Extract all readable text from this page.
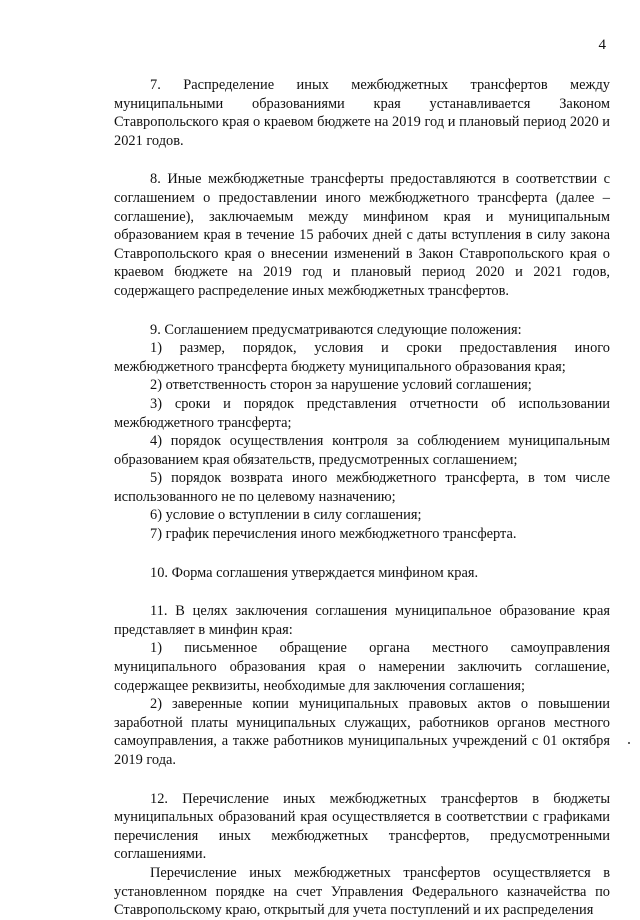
4

7. Распределение иных межбюджетных трансфертов между муниципальными образованиями края устанавливается Законом Ставропольского края о краевом бюджете на 2019 год и плановый период 2020 и 2021 годов.

8. Иные межбюджетные трансферты предоставляются в соответствии с соглашением о предоставлении иного межбюджетного трансферта (далее – соглашение), заключаемым между минфином края и муниципальным образованием края в течение 15 рабочих дней с даты вступления в силу закона Ставропольского края о внесении изменений в Закон Ставропольского края о краевом бюджете на 2019 год и плановый период 2020 и 2021 годов, содержащего распределение иных межбюджетных трансфертов.

9. Соглашением предусматриваются следующие положения:

1) размер, порядок, условия и сроки предоставления иного межбюджетного трансферта бюджету муниципального образования края;

2) ответственность сторон за нарушение условий соглашения;

3) сроки и порядок представления отчетности об использовании межбюджетного трансферта;

4) порядок осуществления контроля за соблюдением муниципальным образованием края обязательств, предусмотренных соглашением;

5) порядок возврата иного межбюджетного трансферта, в том числе использованного не по целевому назначению;

6) условие о вступлении в силу соглашения;

7) график перечисления иного межбюджетного трансферта.

10. Форма соглашения утверждается минфином края.

11. В целях заключения соглашения муниципальное образование края представляет в минфин края:

1) письменное обращение органа местного самоуправления муниципального образования края о намерении заключить соглашение, содержащее реквизиты, необходимые для заключения соглашения;

2) заверенные копии муниципальных правовых актов о повышении заработной платы муниципальных служащих, работников органов местного самоуправления, а также работников муниципальных учреждений с 01 октября 2019 года.

12. Перечисление иных межбюджетных трансфертов в бюджеты муниципальных образований края осуществляется в соответствии с графиками перечисления иных межбюджетных трансфертов, предусмотренными соглашениями.

Перечисление иных межбюджетных трансфертов осуществляется в установленном порядке на счет Управления Федерального казначейства по Ставропольскому краю, открытый для учета поступлений и их распределения
